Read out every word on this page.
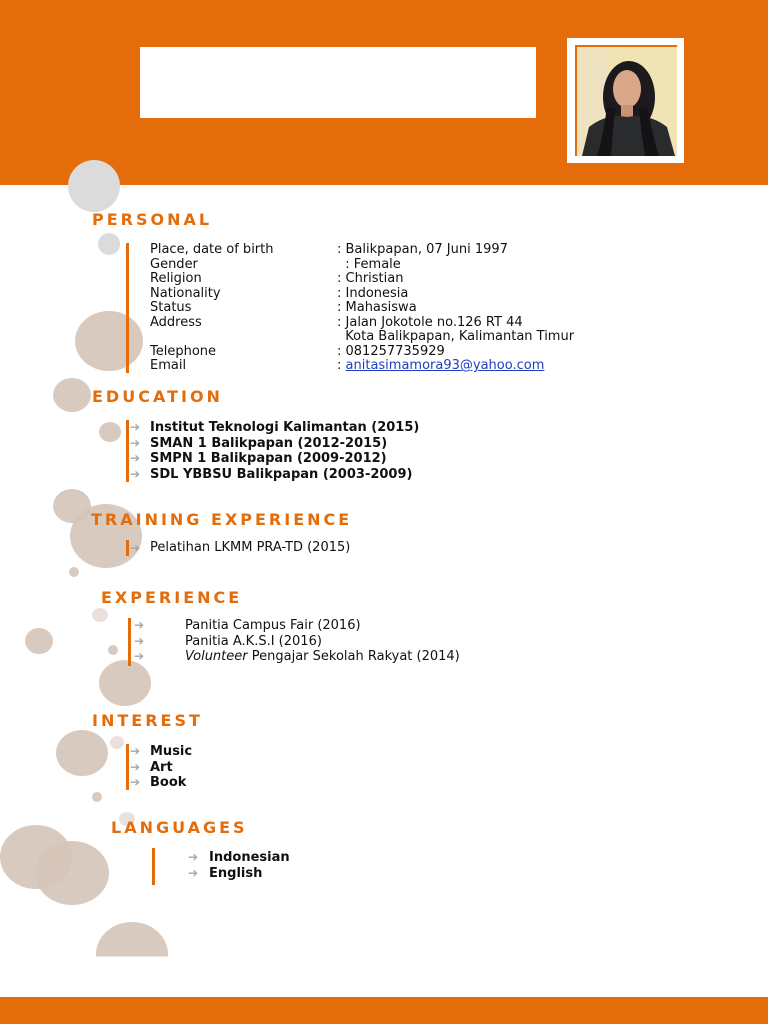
PERSONAL
Place, date of birth	: Balikpapan, 07 Juni 1997
Gender	: Female
Religion	: Christian
Nationality	: Indonesia
Status	: Mahasiswa
Address	: Jalan Jokotole no.126 RT 44
Kota Balikpapan, Kalimantan Timur
Telephone	: 081257735929
Email	: anitasimamora93@yahoo.com
EDUCATION
➔ Institut Teknologi Kalimantan (2015)
➔ SMAN 1 Balikpapan (2012-2015)
➔ SMPN 1 Balikpapan (2009-2012)
➔ SDL YBBSU Balikpapan (2003-2009)
TRAINING EXPERIENCE
➔ Pelatihan LKMM PRA-TD (2015)
EXPERIENCE
➔	Panitia Campus Fair (2016)
➔	Panitia A.K.S.I (2016)
➔	Volunteer Pengajar Sekolah Rakyat (2014)
INTEREST
➔ Music
➔ Art
➔ Book
LANGUAGES
➔ Indonesian
➔ English
